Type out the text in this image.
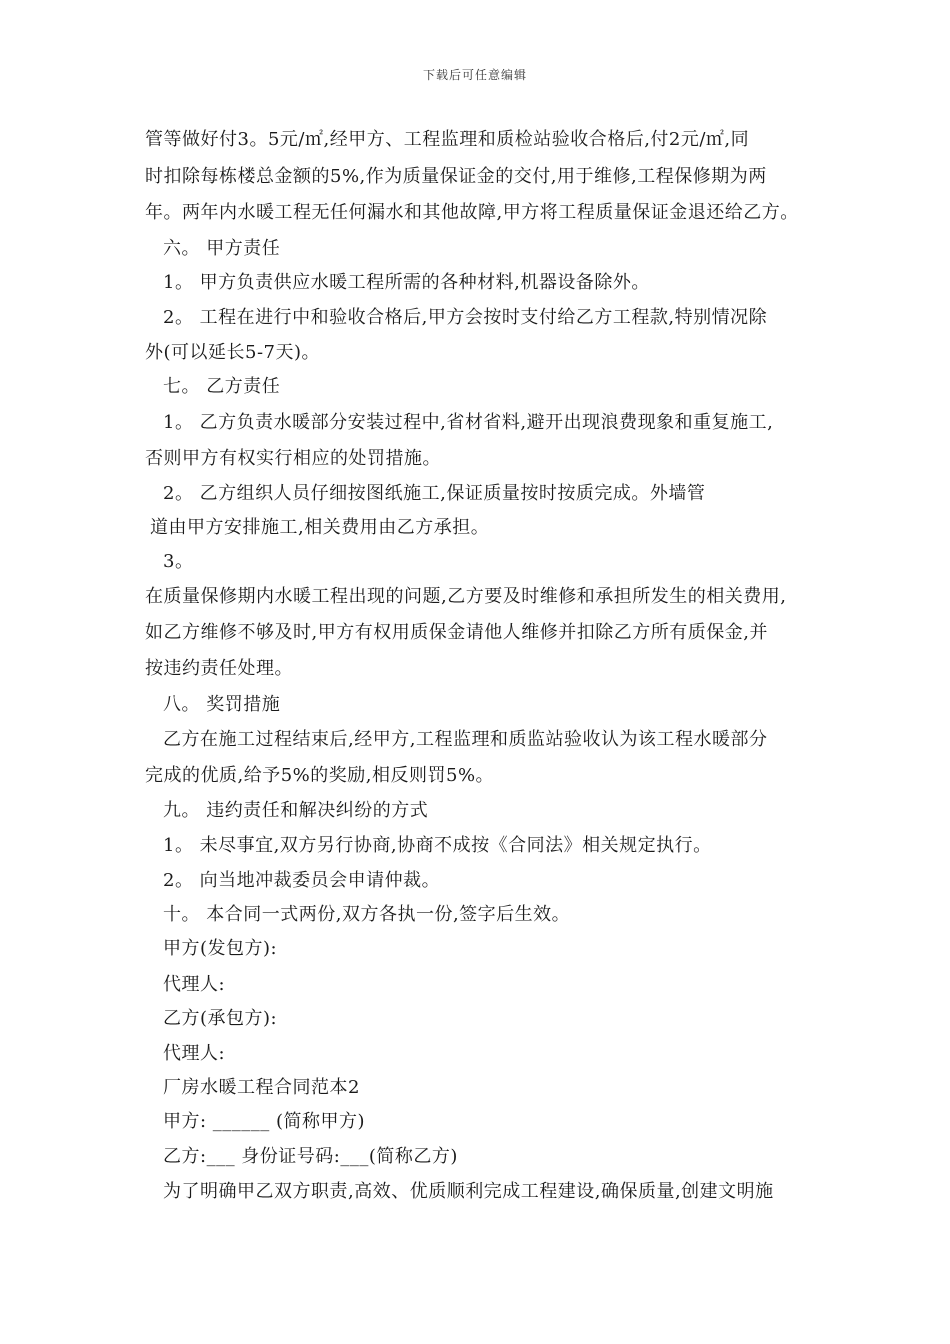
下载后可任意编辑
管等做好付3。5元/㎡,经甲方、工程监理和质检站验收合格后,付2元/㎡,同
时扣除每栋楼总金额的5%,作为质量保证金的交付,用于维修,工程保修期为两
年。两年内水暖工程无任何漏水和其他故障,甲方将工程质量保证金退还给乙方。
六。 甲方责任
1。 甲方负责供应水暖工程所需的各种材料,机器设备除外。
2。 工程在进行中和验收合格后,甲方会按时支付给乙方工程款,特别情况除
外(可以延长5-7天)。
七。 乙方责任
1。 乙方负责水暖部分安装过程中,省材省料,避开出现浪费现象和重复施工,
否则甲方有权实行相应的处罚措施。
2。 乙方组织人员仔细按图纸施工,保证质量按时按质完成。外墙管
道由甲方安排施工,相关费用由乙方承担。
3。
在质量保修期内水暖工程出现的问题,乙方要及时维修和承担所发生的相关费用,
如乙方维修不够及时,甲方有权用质保金请他人维修并扣除乙方所有质保金,并
按违约责任处理。
八。 奖罚措施
乙方在施工过程结束后,经甲方,工程监理和质监站验收认为该工程水暖部分
完成的优质,给予5%的奖励,相反则罚5%。
九。 违约责任和解决纠纷的方式
1。 未尽事宜,双方另行协商,协商不成按《合同法》相关规定执行。
2。 向当地冲裁委员会申请仲裁。
十。 本合同一式两份,双方各执一份,签字后生效。
甲方(发包方):
代理人:
乙方(承包方):
代理人:
厂房水暖工程合同范本2
甲方: ______ (简称甲方)
乙方:___ 身份证号码:___(简称乙方)
为了明确甲乙双方职责,高效、优质顺利完成工程建设,确保质量,创建文明施
